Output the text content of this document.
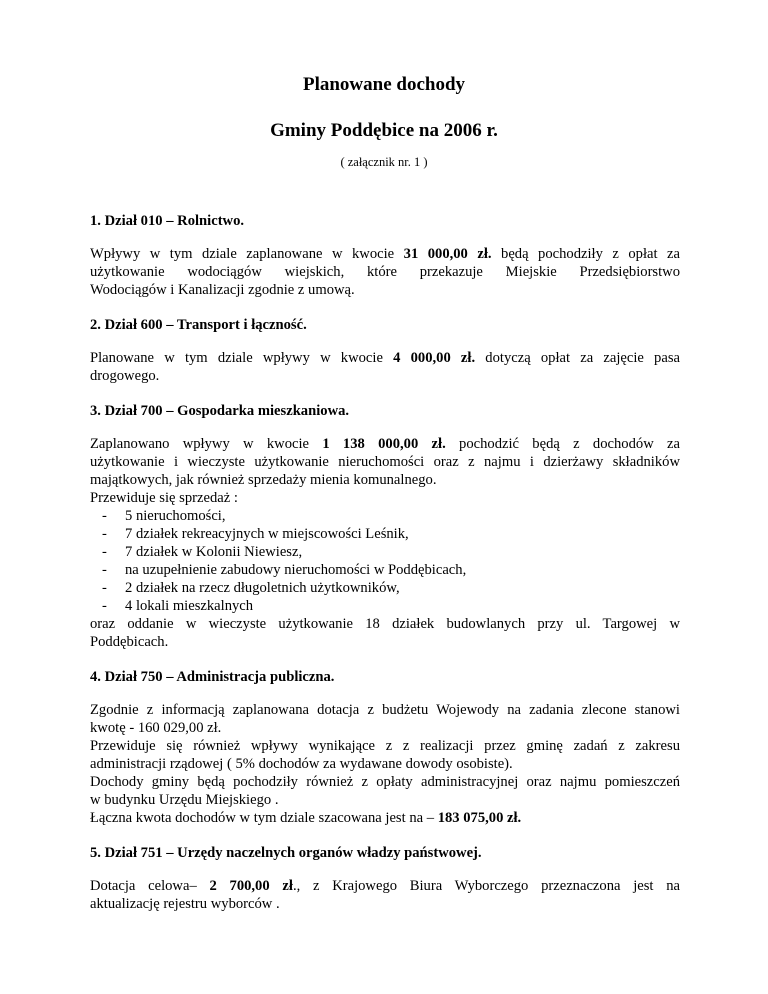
Planowane dochody
Gminy Poddębice na 2006 r.
( załącznik nr. 1 )
1. Dział 010 – Rolnictwo.
Wpływy w tym dziale zaplanowane w kwocie 31 000,00 zł. będą pochodziły z opłat za
użytkowanie wodociągów wiejskich, które przekazuje Miejskie Przedsiębiorstwo
Wodociągów i Kanalizacji zgodnie z umową.
2. Dział 600 – Transport i łączność.
Planowane w tym dziale wpływy w kwocie 4 000,00 zł. dotyczą opłat za zajęcie pasa
drogowego.
3. Dział 700 – Gospodarka mieszkaniowa.
Zaplanowano wpływy w kwocie 1 138 000,00 zł. pochodzić będą z dochodów za
użytkowanie i wieczyste użytkowanie nieruchomości oraz z najmu i dzierżawy składników
majątkowych, jak również sprzedaży mienia komunalnego.
Przewiduje się sprzedaż :
- 5 nieruchomości,
- 7 działek rekreacyjnych w miejscowości Leśnik,
- 7 działek w Kolonii Niewiesz,
- na uzupełnienie zabudowy nieruchomości w Poddębicach,
- 2 działek na rzecz długoletnich użytkowników,
- 4 lokali mieszkalnych
oraz oddanie w wieczyste użytkowanie 18 działek budowlanych przy ul. Targowej w
Poddębicach.
4. Dział 750 – Administracja publiczna.
Zgodnie z informacją zaplanowana dotacja z budżetu Wojewody na zadania zlecone stanowi
kwotę - 160 029,00 zł.
Przewiduje się również wpływy wynikające z z realizacji przez gminę zadań z zakresu
administracji rządowej ( 5% dochodów za wydawane dowody osobiste).
Dochody gminy będą pochodziły również z opłaty administracyjnej oraz najmu pomieszczeń
w budynku Urzędu Miejskiego .
Łączna kwota dochodów w tym dziale szacowana jest na – 183 075,00 zł.
5. Dział 751 – Urzędy naczelnych organów władzy państwowej.
Dotacja celowa– 2 700,00 zł., z Krajowego Biura Wyborczego przeznaczona jest na
aktualizację rejestru wyborców .
